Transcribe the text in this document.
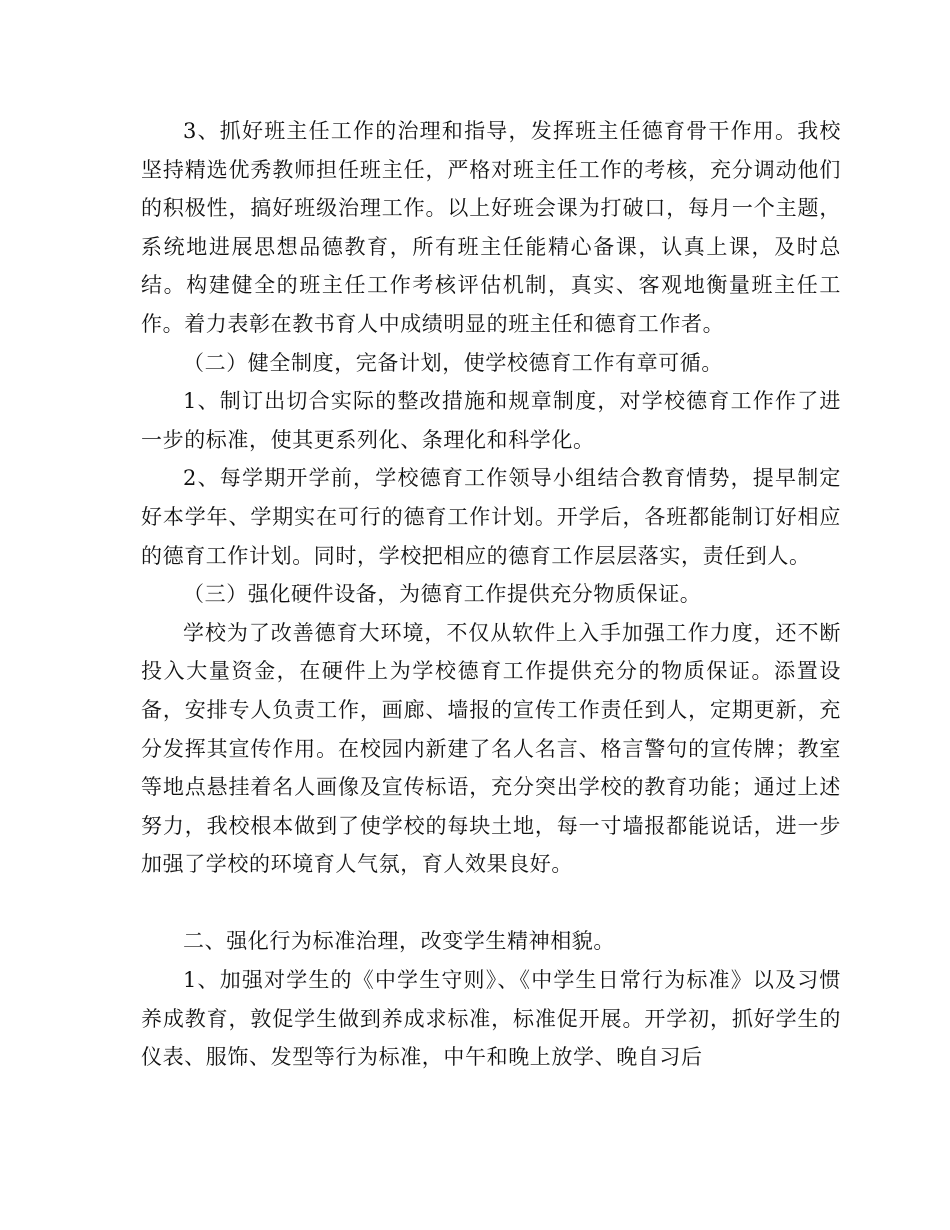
3、抓好班主任工作的治理和指导，发挥班主任德育骨干作用。我校坚持精选优秀教师担任班主任，严格对班主任工作的考核，充分调动他们的积极性，搞好班级治理工作。以上好班会课为打破口，每月一个主题，系统地进展思想品德教育，所有班主任能精心备课，认真上课，及时总结。构建健全的班主任工作考核评估机制，真实、客观地衡量班主任工作。着力表彰在教书育人中成绩明显的班主任和德育工作者。

（二）健全制度，完备计划，使学校德育工作有章可循。

1、制订出切合实际的整改措施和规章制度，对学校德育工作作了进一步的标准，使其更系列化、条理化和科学化。

2、每学期开学前，学校德育工作领导小组结合教育情势，提早制定好本学年、学期实在可行的德育工作计划。开学后，各班都能制订好相应的德育工作计划。同时，学校把相应的德育工作层层落实，责任到人。

（三）强化硬件设备，为德育工作提供充分物质保证。

学校为了改善德育大环境，不仅从软件上入手加强工作力度，还不断投入大量资金，在硬件上为学校德育工作提供充分的物质保证。添置设备，安排专人负责工作，画廊、墙报的宣传工作责任到人，定期更新，充分发挥其宣传作用。在校园内新建了名人名言、格言警句的宣传牌；教室等地点悬挂着名人画像及宣传标语，充分突出学校的教育功能；通过上述努力，我校根本做到了使学校的每块土地，每一寸墙报都能说话，进一步加强了学校的环境育人气氛，育人效果良好。

二、强化行为标准治理，改变学生精神相貌。

1、加强对学生的《中学生守则》、《中学生日常行为标准》以及习惯养成教育，敦促学生做到养成求标准，标准促开展。开学初，抓好学生的仪表、服饰、发型等行为标准，中午和晚上放学、晚自习后
